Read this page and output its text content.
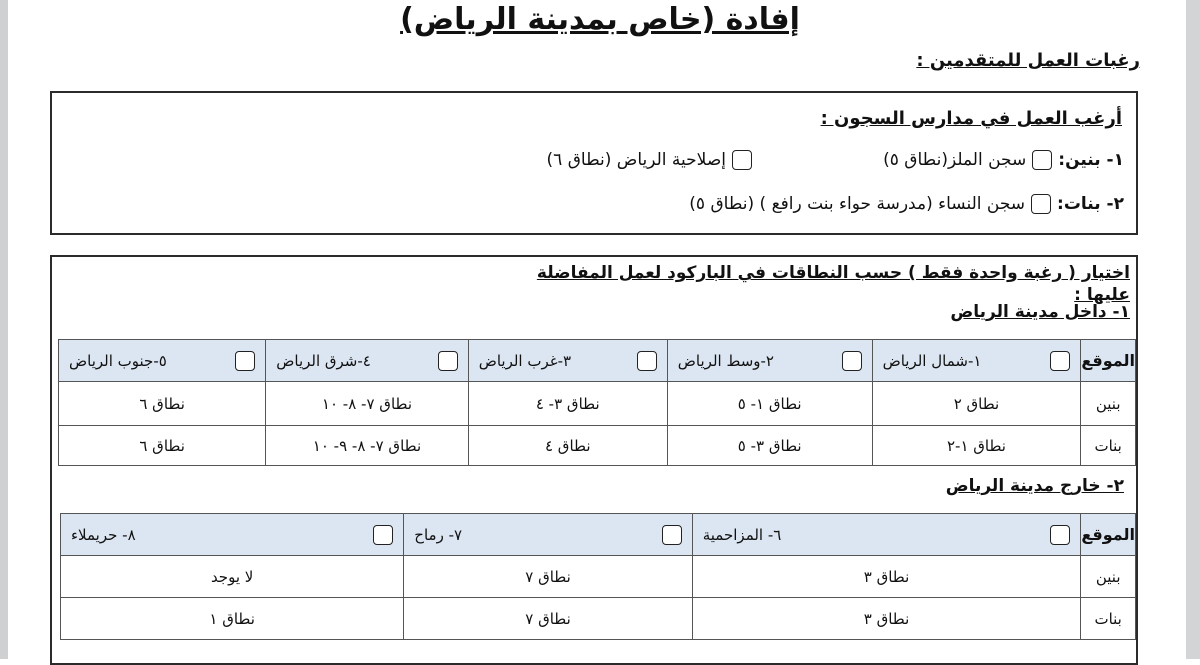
إفادة (خاص بمدينة الرياض)
رغبات العمل للمتقدمين :
أرغب العمل في مدارس السجون :
١- بنين:
سجن الملز(نطاق ٥)
إصلاحية الرياض (نطاق ٦)
٢- بنات:
سجن النساء (مدرسة حواء بنت رافع ) (نطاق ٥)
اختيار ( رغبة واحدة فقط ) حسب النطاقات في الباركود لعمل المفاضلة عليها :
١- داخل مدينة الرياض
الموقع	١-شمال الرياض	٢-وسط الرياض	٣-غرب الرياض	٤-شرق الرياض	٥-جنوب الرياض

بنين	نطاق ٢	نطاق ١- ٥	نطاق ٣- ٤	نطاق ٧- ٨- ١٠	نطاق ٦
بنات	نطاق ١-٢	نطاق ٣- ٥	نطاق ٤	نطاق ٧- ٨- ٩- ١٠	نطاق ٦
٢- خارج مدينة الرياض
الموقع	٦- المزاحمية	٧- رماح	٨- حريملاء

بنين	نطاق ٣	نطاق ٧	لا يوجد
بنات	نطاق ٣	نطاق ٧	نطاق ١
